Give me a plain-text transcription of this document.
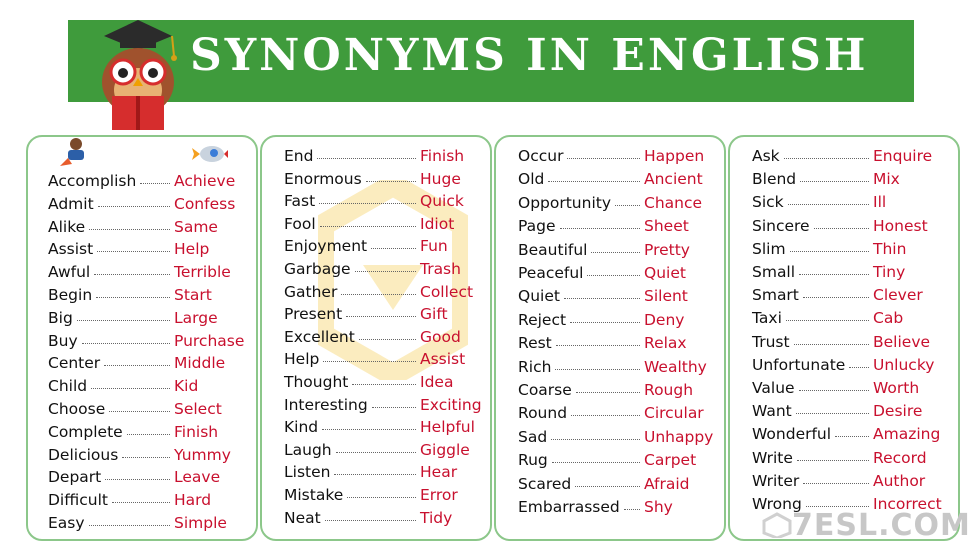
SYNONYMS IN ENGLISH
7ESL.COM
Accomplish Achieve
Admit	Confess
Alike	Same
Assist	Help
Awful	Terrible
Begin	Start
Big	Large
Buy	Purchase
Center	Middle
Child	Kid
Choose	Select
Complete	Finish
Delicious	Yummy
Depart	Leave
Difficult	Hard
Easy	Simple
End	Finish
Enormous	Huge
Fast	Quick
Fool	Idiot
Enjoyment	Fun
Garbage	Trash
Gather	Collect
Present	Gift
Excellent	Good
Help	Assist
Thought	Idea
Interesting	Exciting
Kind	Helpful
Laugh	Giggle
Listen	Hear
Mistake	Error
Neat	Tidy
Occur	Happen
Old	Ancient
Opportunity Chance
Page	Sheet
Beautiful	Pretty
Peaceful	Quiet
Quiet	Silent
Reject	Deny
Rest	Relax
Rich	Wealthy
Coarse	Rough
Round	Circular
Sad	Unhappy
Rug	Carpet
Scared	Afraid
Embarrassed Shy
Ask	Enquire
Blend	Mix
Sick	Ill
Sincere	Honest
Slim	Thin
Small	Tiny
Smart	Clever
Taxi	Cab
Trust	Believe
Unfortunate Unlucky
Value	Worth
Want	Desire
Wonderful	Amazing
Write	Record
Writer	Author
Wrong	Incorrect
